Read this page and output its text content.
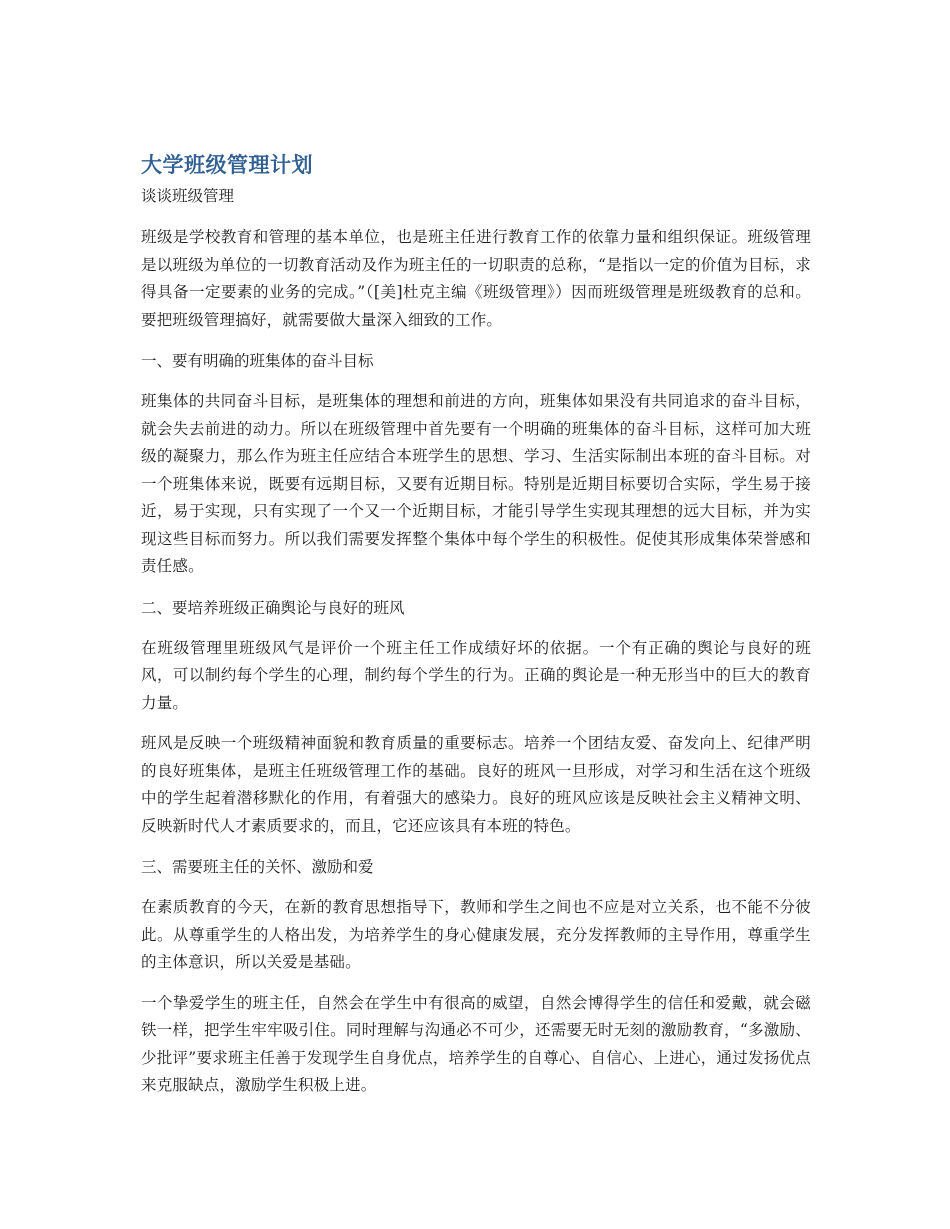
大学班级管理计划

谈谈班级管理

班级是学校教育和管理的基本单位，也是班主任进行教育工作的依靠力量和组织保证。班级管理是以班级为单位的一切教育活动及作为班主任的一切职责的总称，“是指以一定的价值为目标，求得具备一定要素的业务的完成。”（[美]杜克主编《班级管理》）因而班级管理是班级教育的总和。要把班级管理搞好，就需要做大量深入细致的工作。

一、要有明确的班集体的奋斗目标

班集体的共同奋斗目标，是班集体的理想和前进的方向，班集体如果没有共同追求的奋斗目标，就会失去前进的动力。所以在班级管理中首先要有一个明确的班集体的奋斗目标，这样可加大班级的凝聚力，那么作为班主任应结合本班学生的思想、学习、生活实际制出本班的奋斗目标。对一个班集体来说，既要有远期目标，又要有近期目标。特别是近期目标要切合实际，学生易于接近，易于实现，只有实现了一个又一个近期目标，才能引导学生实现其理想的远大目标，并为实现这些目标而努力。所以我们需要发挥整个集体中每个学生的积极性。促使其形成集体荣誉感和责任感。

二、要培养班级正确舆论与良好的班风

在班级管理里班级风气是评价一个班主任工作成绩好坏的依据。一个有正确的舆论与良好的班风，可以制约每个学生的心理，制约每个学生的行为。正确的舆论是一种无形当中的巨大的教育力量。

班风是反映一个班级精神面貌和教育质量的重要标志。培养一个团结友爱、奋发向上、纪律严明的良好班集体，是班主任班级管理工作的基础。良好的班风一旦形成，对学习和生活在这个班级中的学生起着潜移默化的作用，有着强大的感染力。良好的班风应该是反映社会主义精神文明、反映新时代人才素质要求的，而且，它还应该具有本班的特色。

三、需要班主任的关怀、激励和爱

在素质教育的今天，在新的教育思想指导下，教师和学生之间也不应是对立关系，也不能不分彼此。从尊重学生的人格出发，为培养学生的身心健康发展，充分发挥教师的主导作用，尊重学生的主体意识，所以关爱是基础。

一个挚爱学生的班主任，自然会在学生中有很高的威望，自然会博得学生的信任和爱戴，就会磁铁一样，把学生牢牢吸引住。同时理解与沟通必不可少，还需要无时无刻的激励教育，“多激励、少批评”要求班主任善于发现学生自身优点，培养学生的自尊心、自信心、上进心，通过发扬优点来克服缺点，激励学生积极上进。
